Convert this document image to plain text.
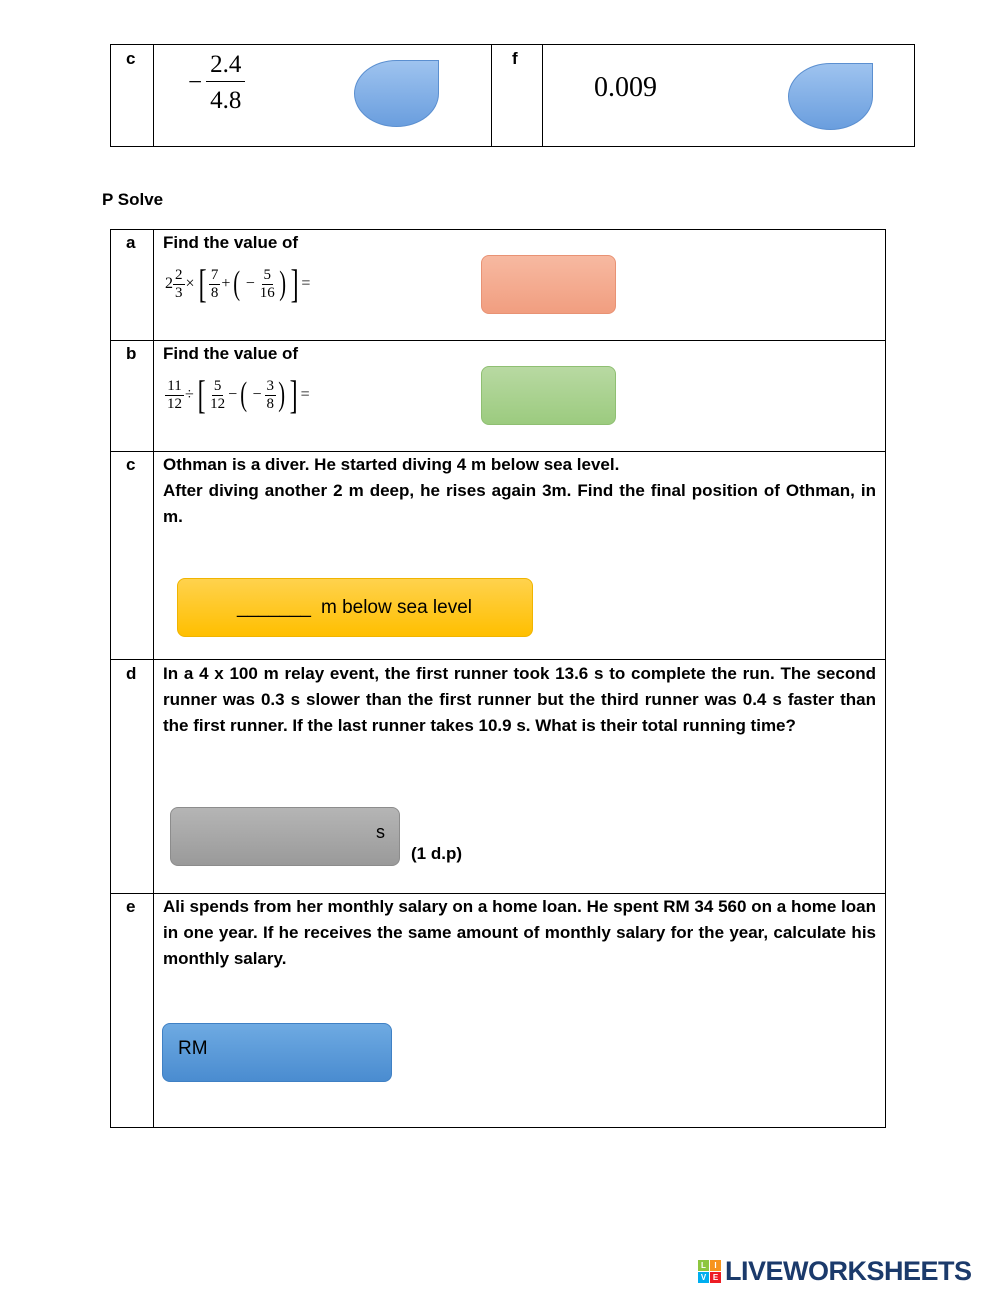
c
− $\frac{2.4}{4.8}$	f
0.009
P Solve
a Find the value of
$2 \frac{2}{3}$ × [ $\frac{7}{8}$ + ( − $\frac{5}{16}$ ) ] =
b Find the value of
$\frac{11}{12}$ ÷ [ $\frac{5}{12}$ − ( − $\frac{3}{8}$ ) ] =
c Othman is a diver. He started diving 4 m below sea level.
After diving another 2 m deep, he rises again 3m. Find the final position of Othman, in m.
_______ m below sea level
d In a 4 x 100 m relay event, the first runner took 13.6 s to complete the run. The second runner was 0.3 s slower than the first runner but the third runner was 0.4 s faster than the first runner. If the last runner takes 10.9 s. What is their total running time?
s
(1 d.p)
e Ali spends from her monthly salary on a home loan. He spent RM 34 560 on a home loan in one year. If he receives the same amount of monthly salary for the year, calculate his monthly salary.
RM
L	I
V E LIVEWORKSHEETS
